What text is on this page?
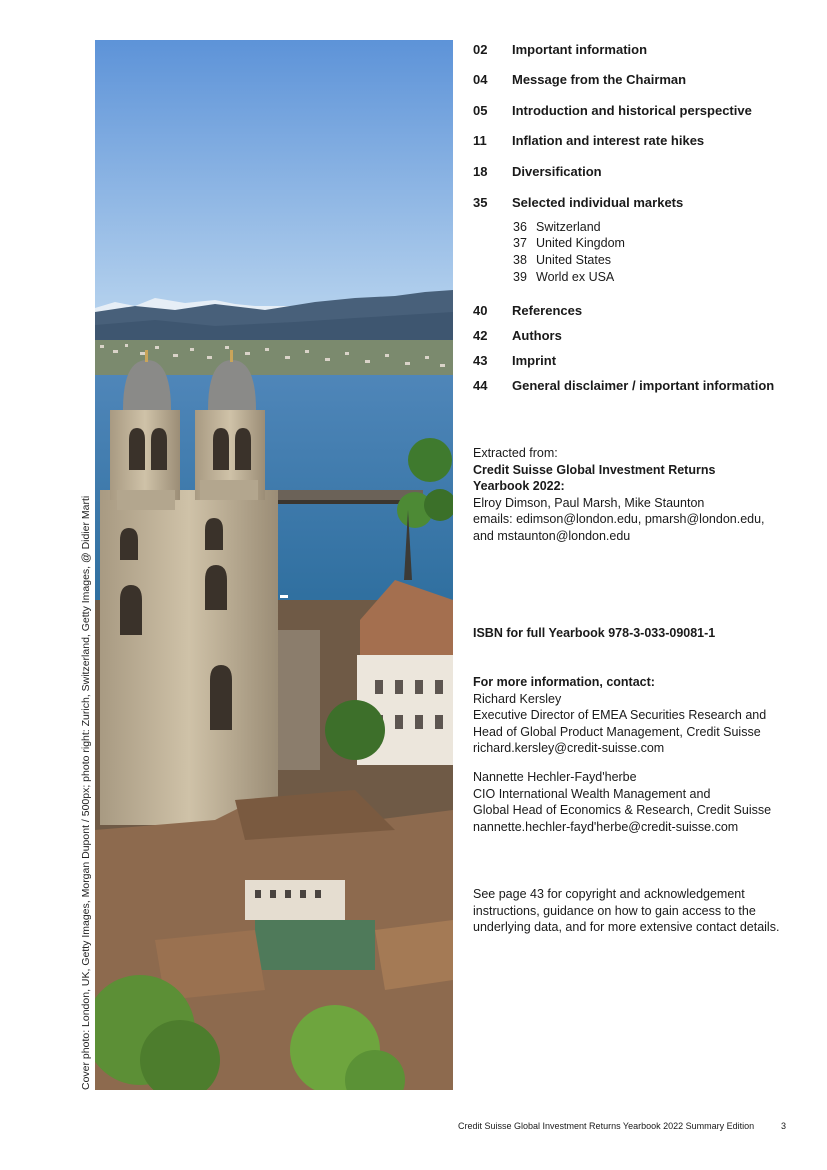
Cover photo: London, UK, Getty Images, Morgan Dupont / 500px; photo right: Zurich, Switzerland, Getty Images, @ Didier Marti
02	Important information
04	Message from the Chairman
05	Introduction and historical perspective
11	Inflation and interest rate hikes
18	Diversification
35	Selected individual markets
36 Switzerland
37 United Kingdom
38 United States
39 World ex USA
40	References
42	Authors
43	Imprint
44	General disclaimer / important information
Extracted from:
Credit Suisse Global Investment Returns
Yearbook 2022:
Elroy Dimson, Paul Marsh, Mike Staunton
emails: edimson@london.edu, pmarsh@london.edu,
and mstaunton@london.edu
ISBN for full Yearbook 978-3-033-09081-1
For more information, contact:
Richard Kersley
Executive Director of EMEA Securities Research and
Head of Global Product Management, Credit Suisse
richard.kersley@credit-suisse.com
Nannette Hechler-Fayd'herbe
CIO International Wealth Management and
Global Head of Economics & Research, Credit Suisse
nannette.hechler-fayd'herbe@credit-suisse.com
See page 43 for copyright and acknowledgement
instructions, guidance on how to gain access to the
underlying data, and for more extensive contact details.
Credit Suisse Global Investment Returns Yearbook 2022 Summary Edition	3
